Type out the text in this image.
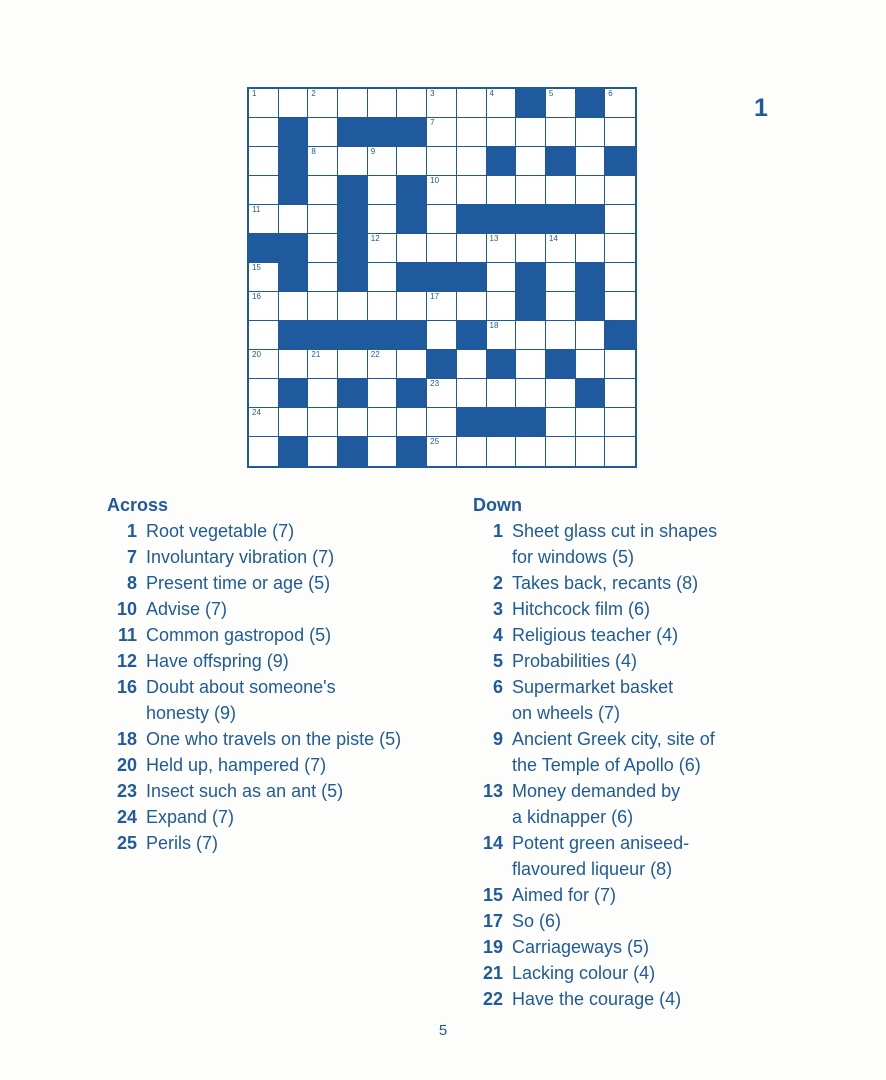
1
1	2	3	4	5	6
7
8	9
10
11
12	13	14
15
16	17
18	19
20	21	22
23
24
25
Across
1 Root vegetable (7)
7 Involuntary vibration (7)
8 Present time or age (5)
10 Advise (7)
11 Common gastropod (5)
12 Have offspring (9)
16 Doubt about someone's
honesty (9)
18 One who travels on the piste (5)
20 Held up, hampered (7)
23 Insect such as an ant (5)
24 Expand (7)
25 Perils (7)
Down
1 Sheet glass cut in shapes
for windows (5)
2 Takes back, recants (8)
3 Hitchcock film (6)
4 Religious teacher (4)
5 Probabilities (4)
6 Supermarket basket
on wheels (7)
9 Ancient Greek city, site of
the Temple of Apollo (6)
13 Money demanded by
a kidnapper (6)
14 Potent green aniseed-
flavoured liqueur (8)
15 Aimed for (7)
17 So (6)
19 Carriageways (5)
21 Lacking colour (4)
22 Have the courage (4)
5
